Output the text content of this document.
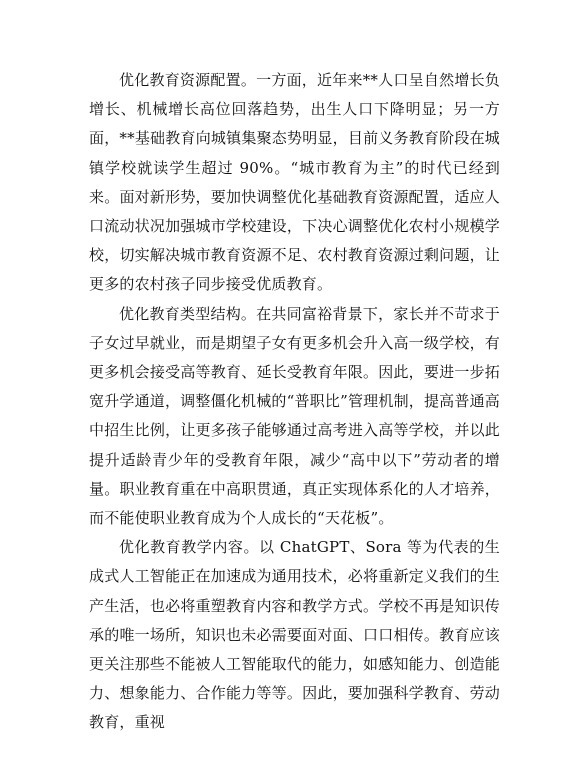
优化教育资源配置。一方面，近年来**人口呈自然增长负增长、机械增长高位回落趋势，出生人口下降明显；另一方面，**基础教育向城镇集聚态势明显，目前义务教育阶段在城镇学校就读学生超过 90%。“城市教育为主”的时代已经到来。面对新形势，要加快调整优化基础教育资源配置，适应人口流动状况加强城市学校建设，下决心调整优化农村小规模学校，切实解决城市教育资源不足、农村教育资源过剩问题，让更多的农村孩子同步接受优质教育。

优化教育类型结构。在共同富裕背景下，家长并不苛求于子女过早就业，而是期望子女有更多机会升入高一级学校，有更多机会接受高等教育、延长受教育年限。因此，要进一步拓宽升学通道，调整僵化机械的“普职比”管理机制，提高普通高中招生比例，让更多孩子能够通过高考进入高等学校，并以此提升适龄青少年的受教育年限，减少“高中以下”劳动者的增量。职业教育重在中高职贯通，真正实现体系化的人才培养，而不能使职业教育成为个人成长的“天花板”。

优化教育教学内容。以 ChatGPT、Sora 等为代表的生成式人工智能正在加速成为通用技术，必将重新定义我们的生产生活，也必将重塑教育内容和教学方式。学校不再是知识传承的唯一场所，知识也未必需要面对面、口口相传。教育应该更关注那些不能被人工智能取代的能力，如感知能力、创造能力、想象能力、合作能力等等。因此，要加强科学教育、劳动教育，重视
